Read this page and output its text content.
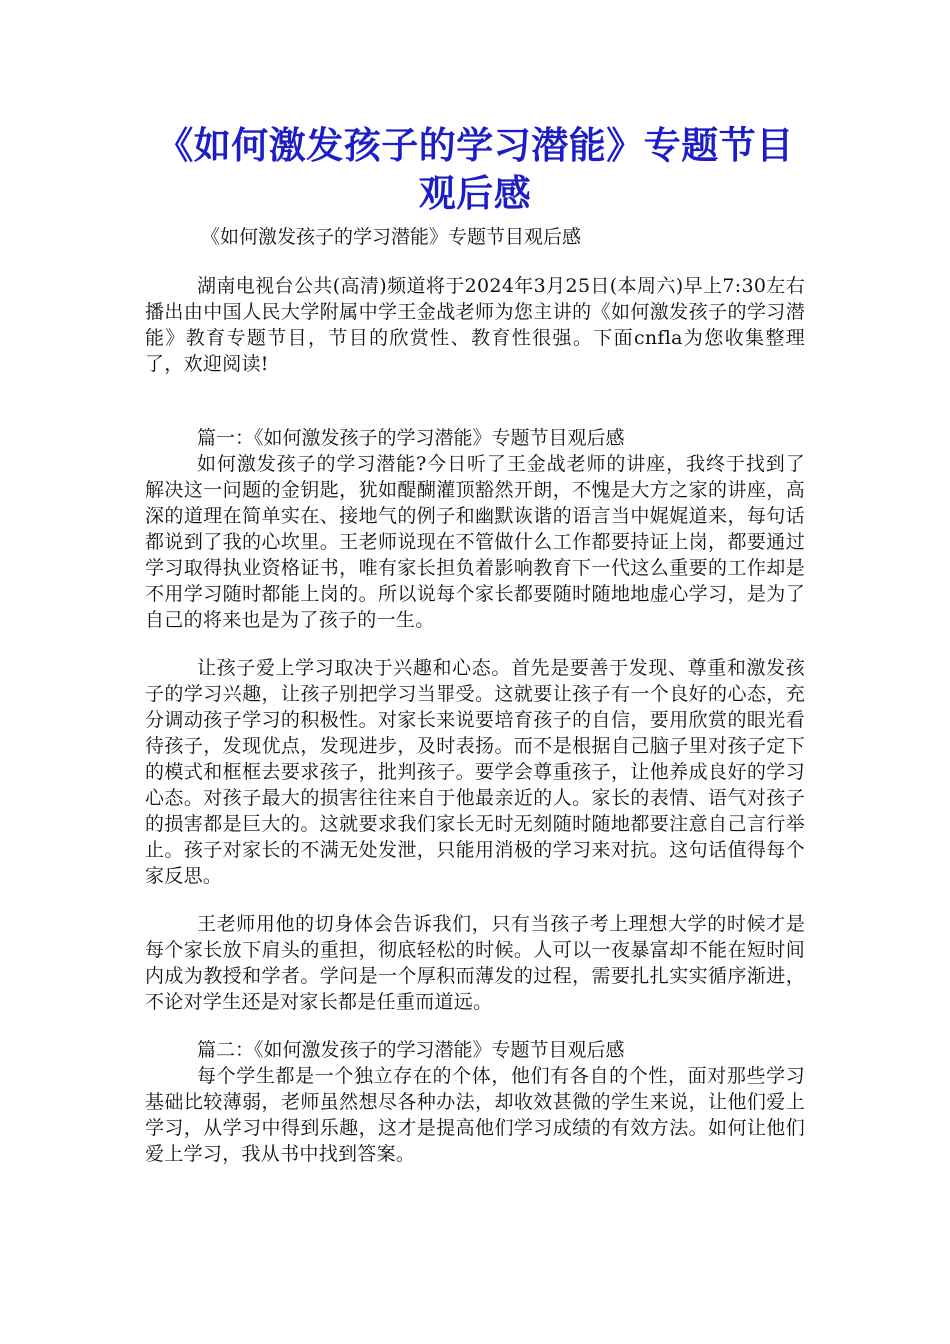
《如何激发孩子的学习潜能》专题节目观后感

《如何激发孩子的学习潜能》专题节目观后感

湖南电视台公共(高清)频道将于2024年3月25日(本周六)早上7:30左右播出由中国人民大学附属中学王金战老师为您主讲的《如何激发孩子的学习潜能》教育专题节目，节目的欣赏性、教育性很强。下面cnfla为您收集整理了，欢迎阅读!

篇一：《如何激发孩子的学习潜能》专题节目观后感

如何激发孩子的学习潜能?今日听了王金战老师的讲座，我终于找到了解决这一问题的金钥匙，犹如醍醐灌顶豁然开朗，不愧是大方之家的讲座，高深的道理在简单实在、接地气的例子和幽默诙谐的语言当中娓娓道来，每句话都说到了我的心坎里。王老师说现在不管做什么工作都要持证上岗，都要通过学习取得执业资格证书，唯有家长担负着影响教育下一代这么重要的工作却是不用学习随时都能上岗的。所以说每个家长都要随时随地地虚心学习，是为了自己的将来也是为了孩子的一生。

让孩子爱上学习取决于兴趣和心态。首先是要善于发现、尊重和激发孩子的学习兴趣，让孩子别把学习当罪受。这就要让孩子有一个良好的心态，充分调动孩子学习的积极性。对家长来说要培育孩子的自信，要用欣赏的眼光看待孩子，发现优点，发现进步，及时表扬。而不是根据自己脑子里对孩子定下的模式和框框去要求孩子，批判孩子。要学会尊重孩子，让他养成良好的学习心态。对孩子最大的损害往往来自于他最亲近的人。家长的表情、语气对孩子的损害都是巨大的。这就要求我们家长无时无刻随时随地都要注意自己言行举止。孩子对家长的不满无处发泄，只能用消极的学习来对抗。这句话值得每个家反思。

王老师用他的切身体会告诉我们，只有当孩子考上理想大学的时候才是每个家长放下肩头的重担，彻底轻松的时候。人可以一夜暴富却不能在短时间内成为教授和学者。学问是一个厚积而薄发的过程，需要扎扎实实循序渐进，不论对学生还是对家长都是任重而道远。

篇二：《如何激发孩子的学习潜能》专题节目观后感

每个学生都是一个独立存在的个体，他们有各自的个性，面对那些学习基础比较薄弱，老师虽然想尽各种办法，却收效甚微的学生来说，让他们爱上学习，从学习中得到乐趣，这才是提高他们学习成绩的有效方法。如何让他们爱上学习，我从书中找到答案。
